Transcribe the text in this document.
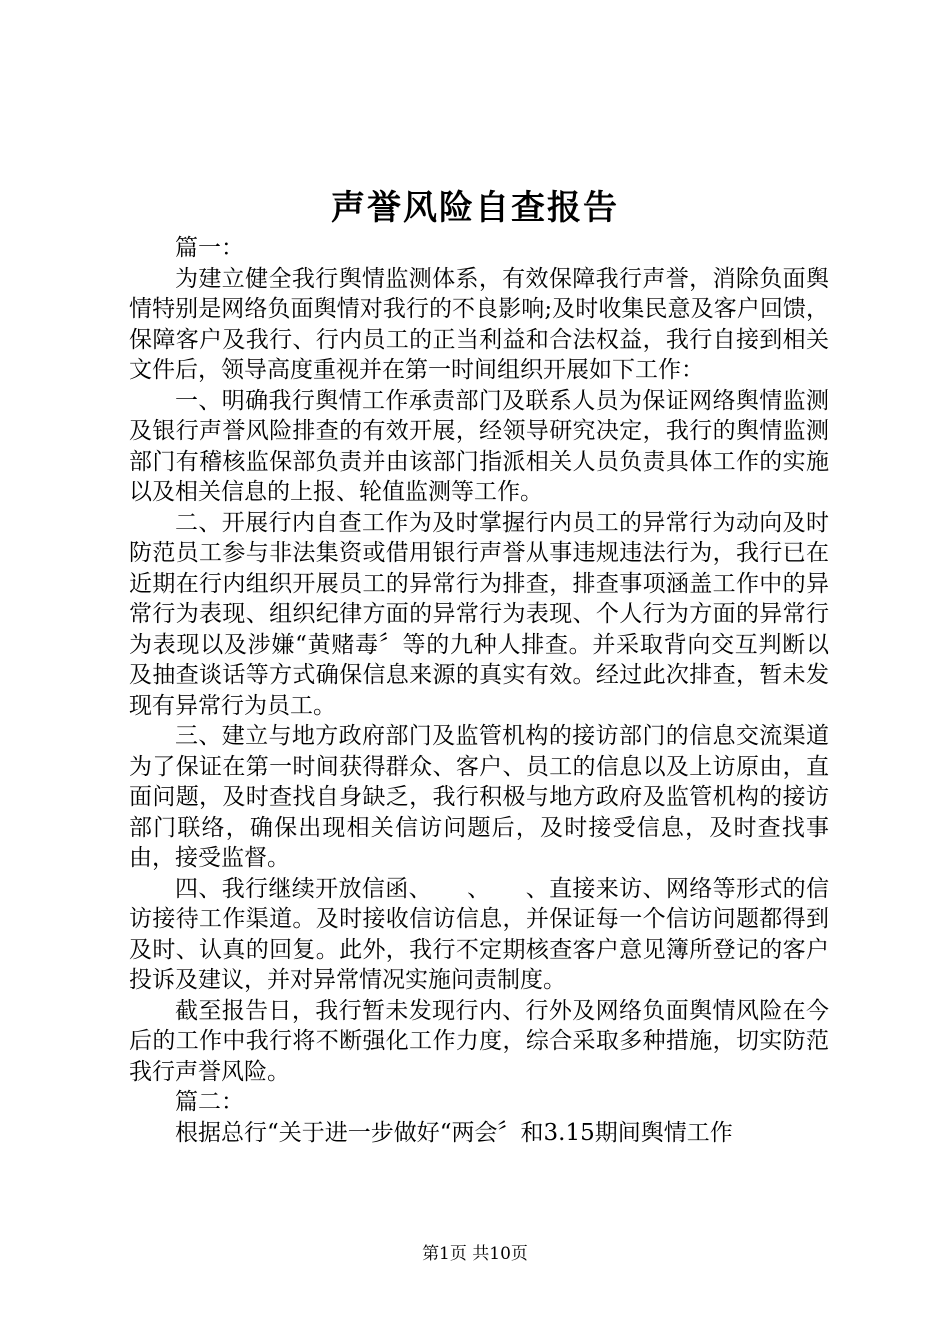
声誉风险自查报告

篇一：

为建立健全我行舆情监测体系，有效保障我行声誉，消除负面舆情特别是网络负面舆情对我行的不良影响;及时收集民意及客户回馈，保障客户及我行、行内员工的正当利益和合法权益，我行自接到相关文件后，领导高度重视并在第一时间组织开展如下工作：

一、明确我行舆情工作承责部门及联系人员为保证网络舆情监测及银行声誉风险排查的有效开展，经领导研究决定，我行的舆情监测部门有稽核监保部负责并由该部门指派相关人员负责具体工作的实施以及相关信息的上报、轮值监测等工作。

二、开展行内自查工作为及时掌握行内员工的异常行为动向及时防范员工参与非法集资或借用银行声誉从事违规违法行为，我行已在近期在行内组织开展员工的异常行为排查，排查事项涵盖工作中的异常行为表现、组织纪律方面的异常行为表现、个人行为方面的异常行为表现以及涉嫌“黄赌毒〞等的九种人排查。并采取背向交互判断以及抽查谈话等方式确保信息来源的真实有效。经过此次排查，暂未发现有异常行为员工。

三、建立与地方政府部门及监管机构的接访部门的信息交流渠道为了保证在第一时间获得群众、客户、员工的信息以及上访原由，直面问题，及时查找自身缺乏，我行积极与地方政府及监管机构的接访部门联络，确保出现相关信访问题后，及时接受信息，及时查找事由，接受监督。

四、我行继续开放信函、　　、　　、直接来访、网络等形式的信访接待工作渠道。及时接收信访信息，并保证每一个信访问题都得到及时、认真的回复。此外，我行不定期核查客户意见簿所登记的客户投诉及建议，并对异常情况实施问责制度。

截至报告日，我行暂未发现行内、行外及网络负面舆情风险在今后的工作中我行将不断强化工作力度，综合采取多种措施，切实防范我行声誉风险。

篇二：

根据总行“关于进一步做好“两会〞和3.15期间舆情工作

第1页 共10页
